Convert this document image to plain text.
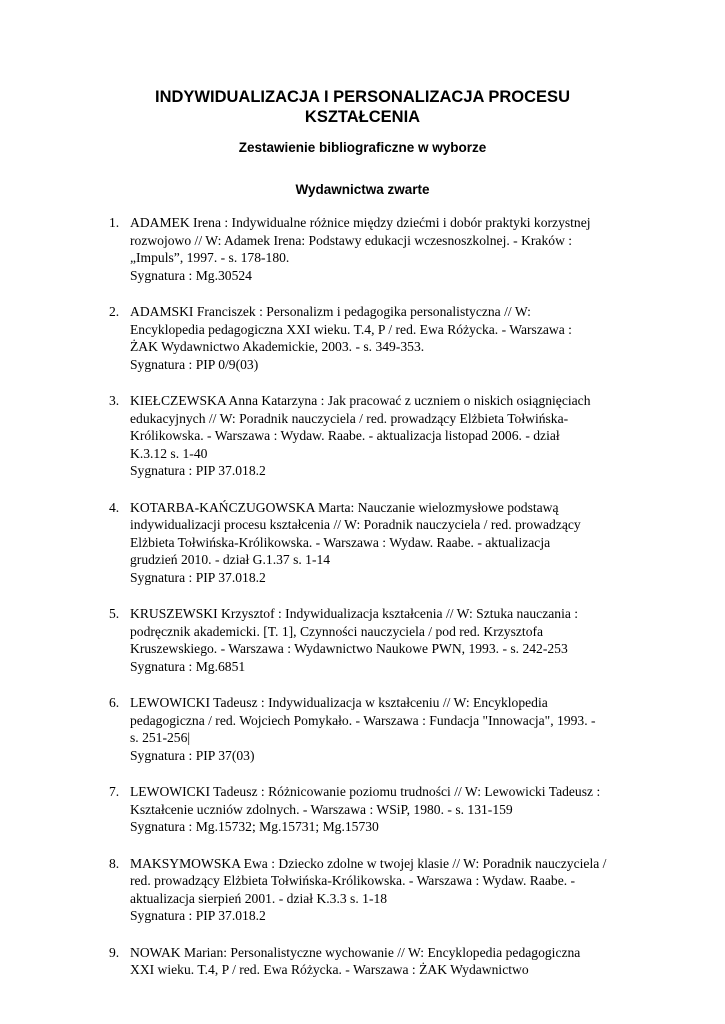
INDYWIDUALIZACJA I PERSONALIZACJA PROCESU
KSZTAŁCENIA
Zestawienie bibliograficzne w wyborze
Wydawnictwa zwarte
1. ADAMEK Irena : Indywidualne różnice między dziećmi i dobór praktyki korzystnej
rozwojowo // W: Adamek Irena: Podstawy edukacji wczesnoszkolnej. - Kraków :
„Impuls”, 1997. - s. 178-180.
Sygnatura : Mg.30524
2. ADAMSKI Franciszek : Personalizm i pedagogika personalistyczna // W:
Encyklopedia pedagogiczna XXI wieku. T.4, P / red. Ewa Różycka. - Warszawa :
ŻAK Wydawnictwo Akademickie, 2003. - s. 349-353.
Sygnatura : PIP 0/9(03)
3. KIEŁCZEWSKA Anna Katarzyna : Jak pracować z uczniem o niskich osiągnięciach
edukacyjnych // W: Poradnik nauczyciela / red. prowadzący Elżbieta Tołwińska-
Królikowska. - Warszawa : Wydaw. Raabe. - aktualizacja listopad 2006. - dział
K.3.12 s. 1-40
Sygnatura : PIP 37.018.2
4. KOTARBA-KAŃCZUGOWSKA Marta: Nauczanie wielozmysłowe podstawą
indywidualizacji procesu kształcenia // W: Poradnik nauczyciela / red. prowadzący
Elżbieta Tołwińska-Królikowska. - Warszawa : Wydaw. Raabe. - aktualizacja
grudzień 2010. - dział G.1.37 s. 1-14
Sygnatura : PIP 37.018.2
5. KRUSZEWSKI Krzysztof : Indywidualizacja kształcenia // W: Sztuka nauczania :
podręcznik akademicki. [T. 1], Czynności nauczyciela / pod red. Krzysztofa
Kruszewskiego. - Warszawa : Wydawnictwo Naukowe PWN, 1993. - s. 242-253
Sygnatura : Mg.6851
6. LEWOWICKI Tadeusz : Indywidualizacja w kształceniu // W: Encyklopedia
pedagogiczna / red. Wojciech Pomykało. - Warszawa : Fundacja "Innowacja", 1993. -
s. 251-256|
Sygnatura : PIP 37(03)
7. LEWOWICKI Tadeusz : Różnicowanie poziomu trudności // W: Lewowicki Tadeusz :
Kształcenie uczniów zdolnych. - Warszawa : WSiP, 1980. - s. 131-159
Sygnatura : Mg.15732; Mg.15731; Mg.15730
8. MAKSYMOWSKA Ewa : Dziecko zdolne w twojej klasie // W: Poradnik nauczyciela /
red. prowadzący Elżbieta Tołwińska-Królikowska. - Warszawa : Wydaw. Raabe. -
aktualizacja sierpień 2001. - dział K.3.3 s. 1-18
Sygnatura : PIP 37.018.2
9. NOWAK Marian: Personalistyczne wychowanie // W: Encyklopedia pedagogiczna
XXI wieku. T.4, P / red. Ewa Różycka. - Warszawa : ŻAK Wydawnictwo
